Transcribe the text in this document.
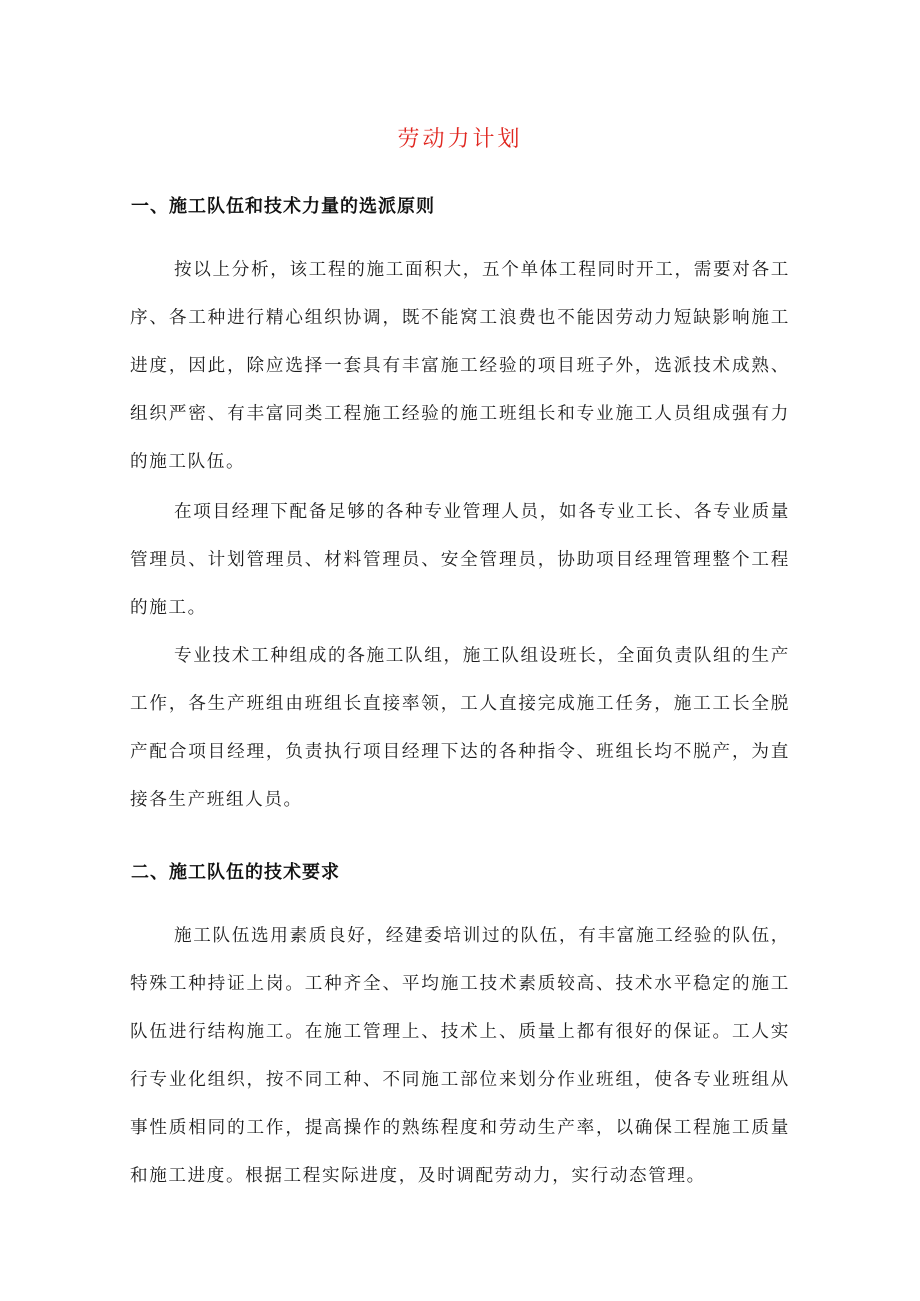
劳动力计划
一、施工队伍和技术力量的选派原则

按以上分析，该工程的施工面积大，五个单体工程同时开工，需要对各工序、各工种进行精心组织协调，既不能窝工浪费也不能因劳动力短缺影响施工进度，因此，除应选择一套具有丰富施工经验的项目班子外，选派技术成熟、组织严密、有丰富同类工程施工经验的施工班组长和专业施工人员组成强有力的施工队伍。

在项目经理下配备足够的各种专业管理人员，如各专业工长、各专业质量管理员、计划管理员、材料管理员、安全管理员，协助项目经理管理整个工程的施工。

专业技术工种组成的各施工队组，施工队组设班长，全面负责队组的生产工作，各生产班组由班组长直接率领，工人直接完成施工任务，施工工长全脱产配合项目经理，负责执行项目经理下达的各种指令、班组长均不脱产，为直接各生产班组人员。

二、施工队伍的技术要求

施工队伍选用素质良好，经建委培训过的队伍，有丰富施工经验的队伍，特殊工种持证上岗。工种齐全、平均施工技术素质较高、技术水平稳定的施工队伍进行结构施工。在施工管理上、技术上、质量上都有很好的保证。工人实行专业化组织，按不同工种、不同施工部位来划分作业班组，使各专业班组从事性质相同的工作，提高操作的熟练程度和劳动生产率，以确保工程施工质量和施工进度。根据工程实际进度，及时调配劳动力，实行动态管理。
